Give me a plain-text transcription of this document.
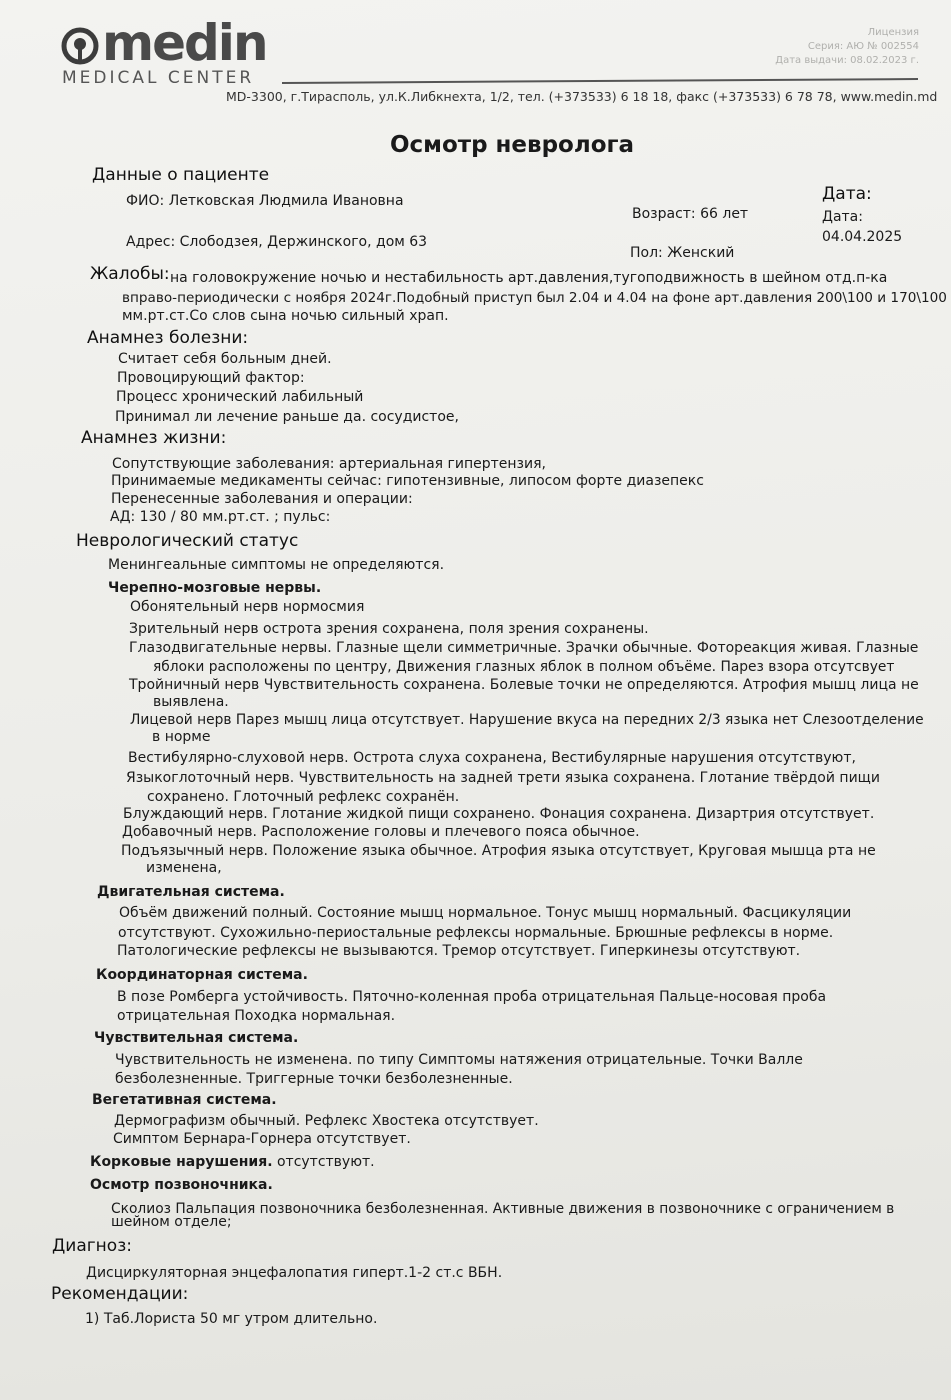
medin
MEDICAL CENTER
Лицензия
Серия: АЮ № 002554
Дата выдачи: 08.02.2023 г.
MD-3300, г.Тирасполь, ул.К.Либкнехта, 1/2, тел. (+373533) 6 18 18, факс (+373533) 6 78 78, www.medin.md
Осмотр невролога
Данные о пациенте
ФИО: Летковская Людмила Ивановна
Адрес: Слободзея, Держинского, дом 63
Возраст: 66 лет
Пол: Женский
Дата:
Дата:
04.04.2025
Жалобы: на головокружение ночью и нестабильность арт.давления,тугоподвижность в шейном отд.п-ка
вправо-периодически с ноября 2024г.Подобный приступ был 2.04 и 4.04 на фоне арт.давления 200\100 и 170\100
мм.рт.ст.Со слов сына ночью сильный храп.
Анамнез болезни:
Считает себя больным дней.
Провоцирующий фактор:
Процесс хронический лабильный
Принимал ли лечение раньше да. сосудистое,
Анамнез жизни:
Сопутствующие заболевания: артериальная гипертензия,
Принимаемые медикаменты сейчас: гипотензивные, липосом форте диазепекс
Перенесенные заболевания и операции:
АД: 130 / 80 мм.рт.ст. ; пульс:
Неврологический статус
Менингеальные симптомы не определяются.
Черепно-мозговые нервы.
Обонятельный нерв нормосмия
Зрительный нерв острота зрения сохранена, поля зрения сохранены.
Глазодвигательные нервы. Глазные щели симметричные. Зрачки обычные. Фотореакция живая. Глазные
яблоки расположены по центру, Движения глазных яблок в полном объёме. Парез взора отсутсвует
Тройничный нерв Чувствительность сохранена. Болевые точки не определяются. Атрофия мышц лица не
выявлена.
Лицевой нерв Парез мышц лица отсутствует. Нарушение вкуса на передних 2/3 языка нет Слезоотделение
в норме
Вестибулярно-слуховой нерв. Острота слуха сохранена, Вестибулярные нарушения отсутствуют,
Языкоглоточный нерв. Чувствительность на задней трети языка сохранена. Глотание твёрдой пищи
сохранено. Глоточный рефлекс сохранён.
Блуждающий нерв. Глотание жидкой пищи сохранено. Фонация сохранена. Дизартрия отсутствует.
Добавочный нерв. Расположение головы и плечевого пояса обычное.
Подъязычный нерв. Положение языка обычное. Атрофия языка отсутствует, Круговая мышца рта не
изменена,
Двигательная система.
Объём движений полный. Состояние мышц нормальное. Тонус мышц нормальный. Фасцикуляции
отсутствуют. Сухожильно-периостальные рефлексы нормальные. Брюшные рефлексы в норме.
Патологические рефлексы не вызываются. Тремор отсутствует. Гиперкинезы отсутствуют.
Координаторная система.
В позе Ромберга устойчивость. Пяточно-коленная проба отрицательная Пальце-носовая проба
отрицательная Походка нормальная.
Чувствительная система.
Чувствительность не изменена. по типу Симптомы натяжения отрицательные. Точки Валле
безболезненные. Триггерные точки безболезненные.
Вегетативная система.
Дермографизм обычный. Рефлекс Хвостека отсутствует.
Симптом Бернара-Горнера отсутствует.
Корковые нарушения. отсутствуют.
Осмотр позвоночника.
Сколиоз Пальпация позвоночника безболезненная. Активные движения в позвоночнике с ограничением в
шейном отделе;
Диагноз:
Дисциркуляторная энцефалопатия гиперт.1-2 ст.с ВБН.
Рекомендации:
1) Таб.Лориста 50 мг утром длительно.
